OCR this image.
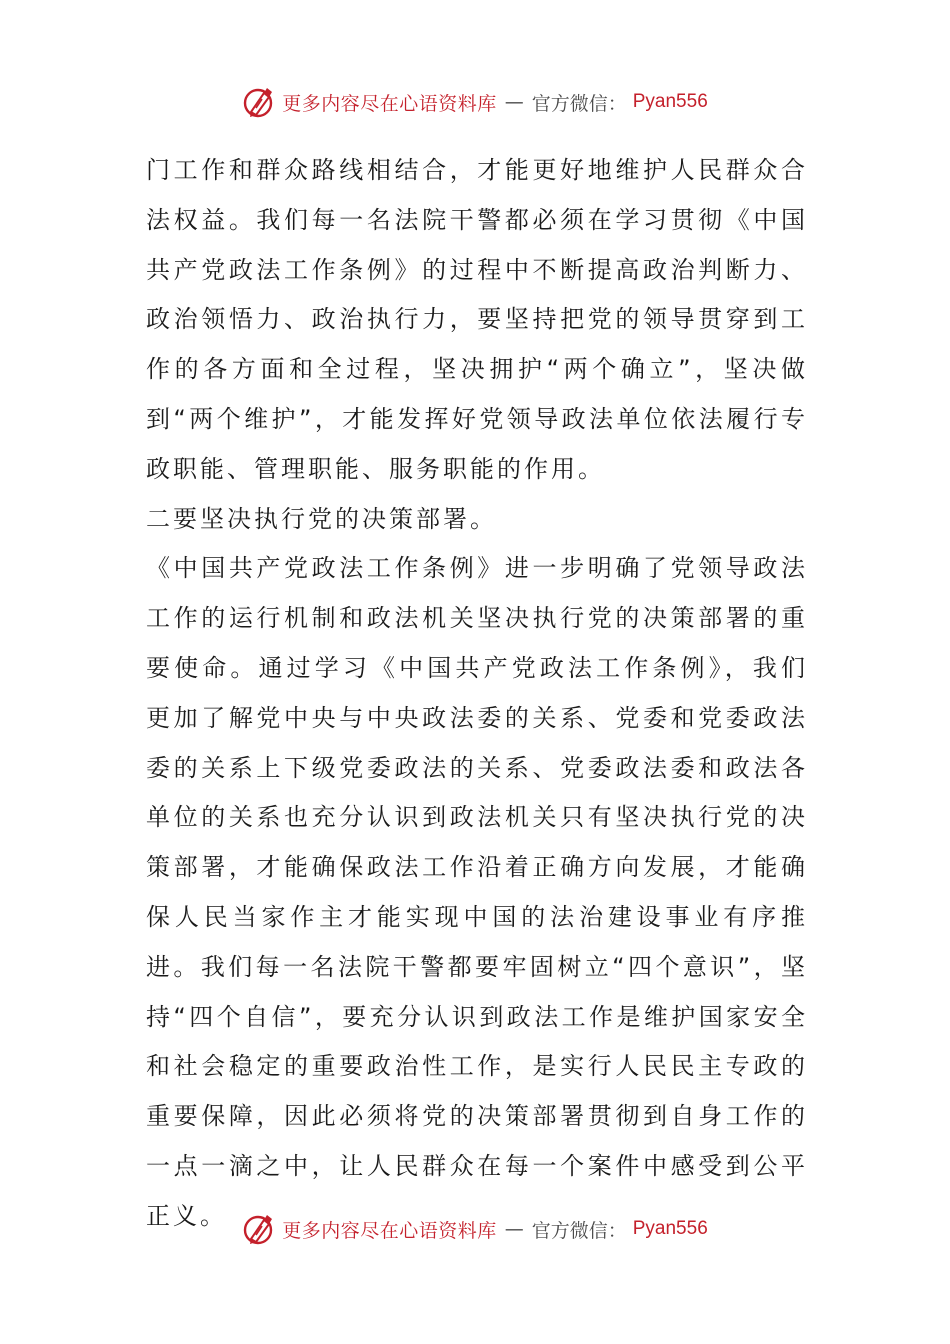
更多内容尽在心语资料库 — 官方微信： Pyan556

门工作和群众路线相结合，才能更好地维护人民群众合法权益。我们每一名法院干警都必须在学习贯彻《中国共产党政法工作条例》的过程中不断提高政治判断力、政治领悟力、政治执行力，要坚持把党的领导贯穿到工作的各方面和全过程，坚决拥护“两个确立”，坚决做到“两个维护”，才能发挥好党领导政法单位依法履行专政职能、管理职能、服务职能的作用。

二要坚决执行党的决策部署。

《中国共产党政法工作条例》进一步明确了党领导政法工作的运行机制和政法机关坚决执行党的决策部署的重要使命。通过学习《中国共产党政法工作条例》，我们更加了解党中央与中央政法委的关系、党委和党委政法委的关系上下级党委政法的关系、党委政法委和政法各单位的关系也充分认识到政法机关只有坚决执行党的决策部署，才能确保政法工作沿着正确方向发展，才能确保人民当家作主才能实现中国的法治建设事业有序推进。我们每一名法院干警都要牢固树立“四个意识”，坚持“四个自信”，要充分认识到政法工作是维护国家安全和社会稳定的重要政治性工作，是实行人民民主专政的重要保障，因此必须将党的决策部署贯彻到自身工作的一点一滴之中，让人民群众在每一个案件中感受到公平正义。

更多内容尽在心语资料库 — 官方微信： Pyan556
